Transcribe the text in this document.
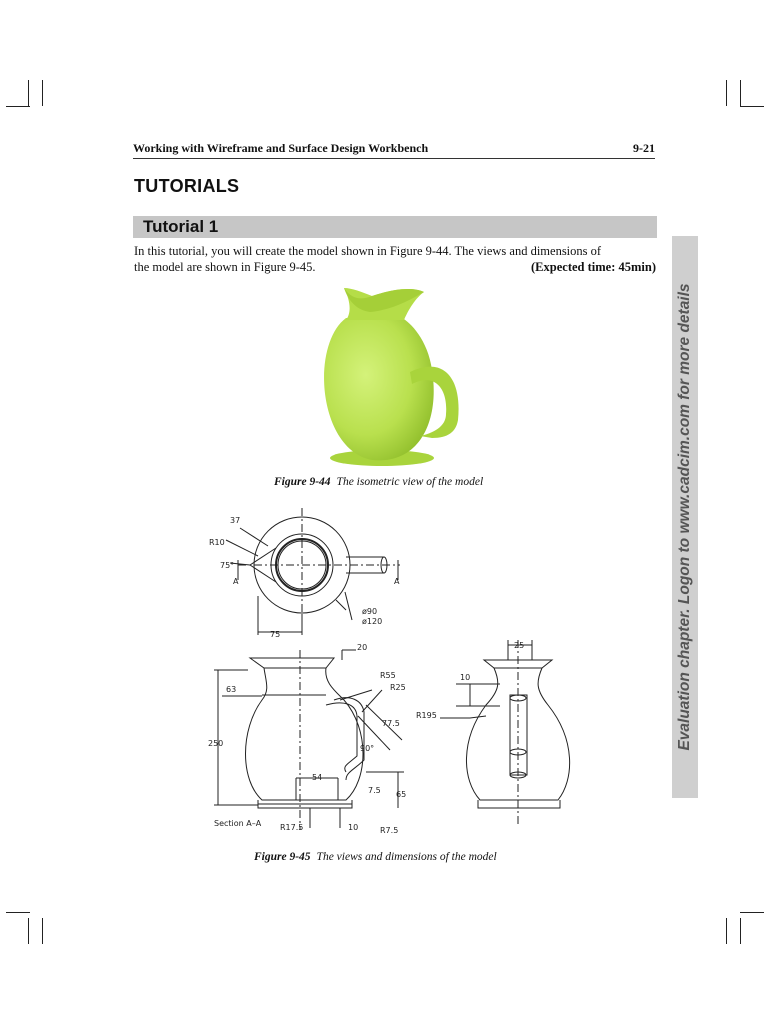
Working with Wireframe and Surface Design Workbench	9-21
TUTORIALS
Tutorial 1
In this tutorial, you will create the model shown in Figure 9-44. The views and dimensions of
the model are shown in Figure 9-45.	(Expected time: 45min)
Figure 9-44 The isometric view of the model
37
R10
75°
A	A
ø90
ø120
75
20
R55
R25
63
250
77.5
90°
54
7.5 65
Section A–A R17.5	10	R7.5
25
10
R195
Figure 9-45 The views and dimensions of the model
Evaluation chapter. Logon to www.cadcim.com for more details
